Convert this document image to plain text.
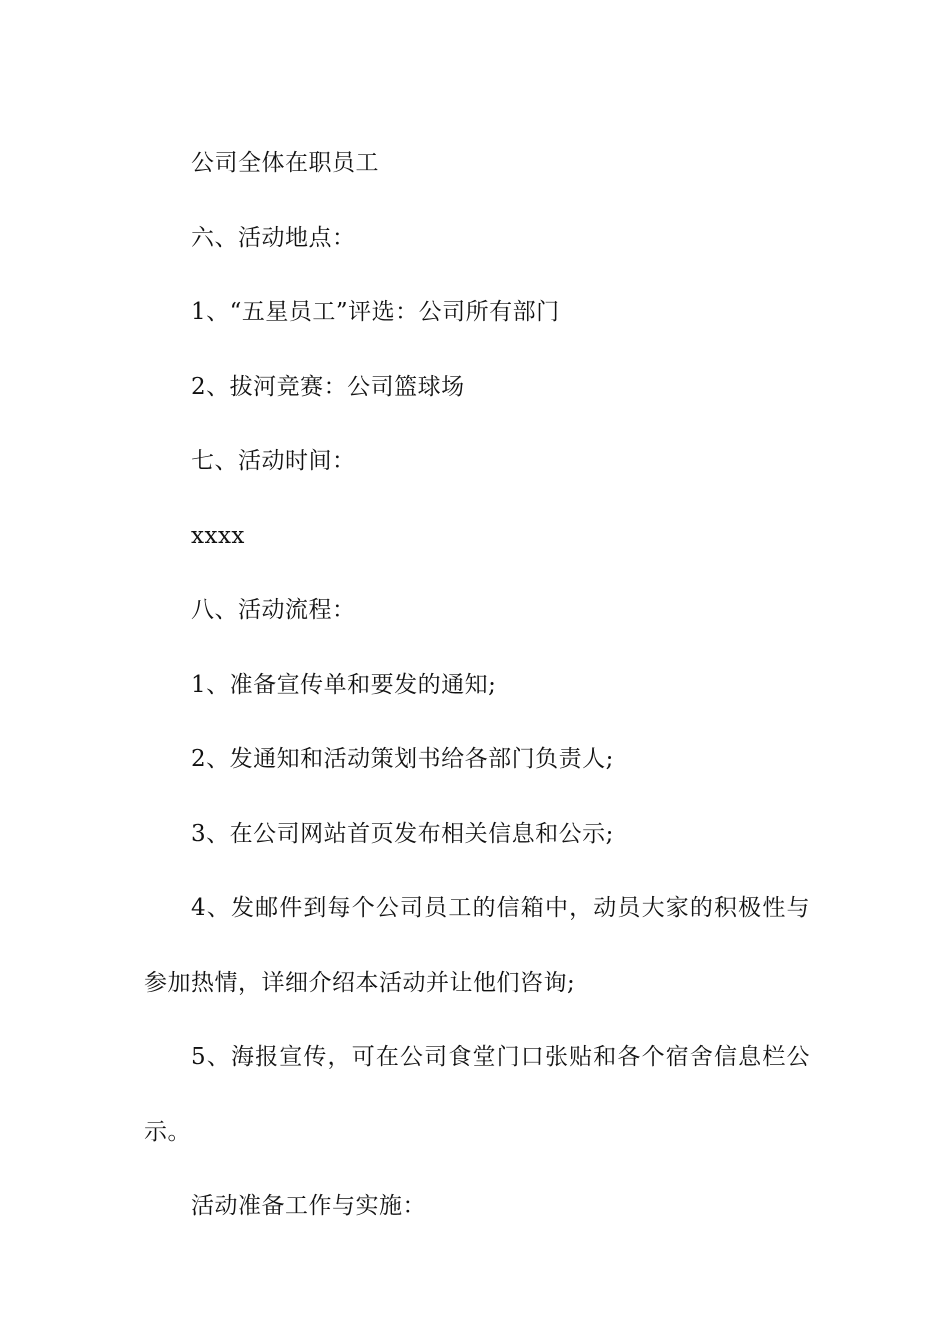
公司全体在职员工

六、活动地点：

1、“五星员工”评选：公司所有部门

2、拔河竞赛：公司篮球场

七、活动时间：

xxxx

八、活动流程：

1、准备宣传单和要发的通知;

2、发通知和活动策划书给各部门负责人;

3、在公司网站首页发布相关信息和公示;

4、发邮件到每个公司员工的信箱中，动员大家的积极性与参加热情，详细介绍本活动并让他们咨询;

5、海报宣传，可在公司食堂门口张贴和各个宿舍信息栏公示。

活动准备工作与实施：
